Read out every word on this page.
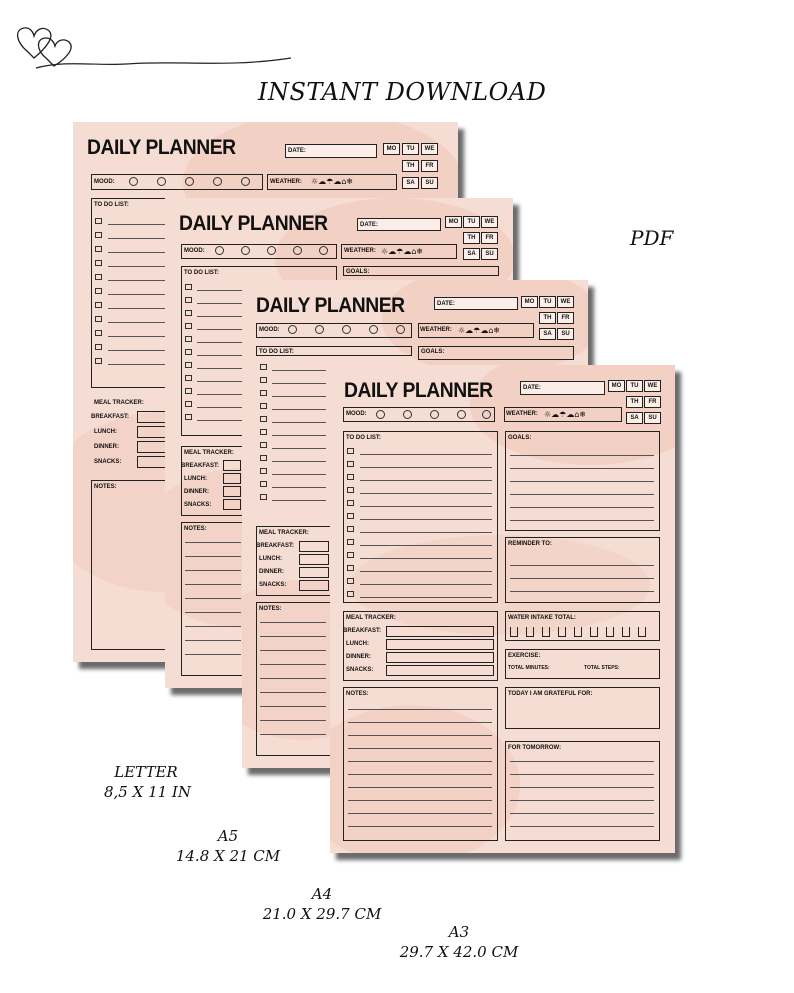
INSTANT DOWNLOAD
PDF
DAILY PLANNER	DATE:	MO	TU	WE
TH	FR
SA	SU
MOOD:	WEATHER: ☼☁☂☁⌂❄
TO DO LIST:
MEAL TRACKER:
BREAKFAST:
LUNCH:
DINNER:
SNACKS:
NOTES:
DAILY PLANNER	DATE:	MO	TU	WE
TH	FR
SA	SU
MOOD:	WEATHER: ☼☁☂☁⌂❄
TO DO LIST:	GOALS:
MEAL TRACKER:
BREAKFAST:
LUNCH:
DINNER:
SNACKS:
NOTES:
DAILY PLANNER	DATE:	MO	TU	WE
TH	FR
SA	SU
MOOD:	WEATHER: ☼☁☂☁⌂❄
TO DO LIST:	GOALS:
MEAL TRACKER:
BREAKFAST:
LUNCH:
DINNER:
SNACKS:
NOTES:
DAILY PLANNER	DATE:	MO	TU	WE
TH	FR
SA	SU
MOOD:	WEATHER: ☼☁☂☁⌂❄
TO DO LIST:	GOALS:
REMINDER TO:
MEAL TRACKER:
BREAKFAST:
LUNCH:
DINNER:
SNACKS:
WATER INTAKE TOTAL:
EXERCISE:
TOTAL MINUTES:	TOTAL STEPS:
NOTES:	TODAY I AM GRATEFUL FOR:
FOR TOMORROW:
LETTER
8,5 X 11 IN
A5
14.8 X 21 CM
A4
21.0 X 29.7 CM
A3
29.7 X 42.0 CM
